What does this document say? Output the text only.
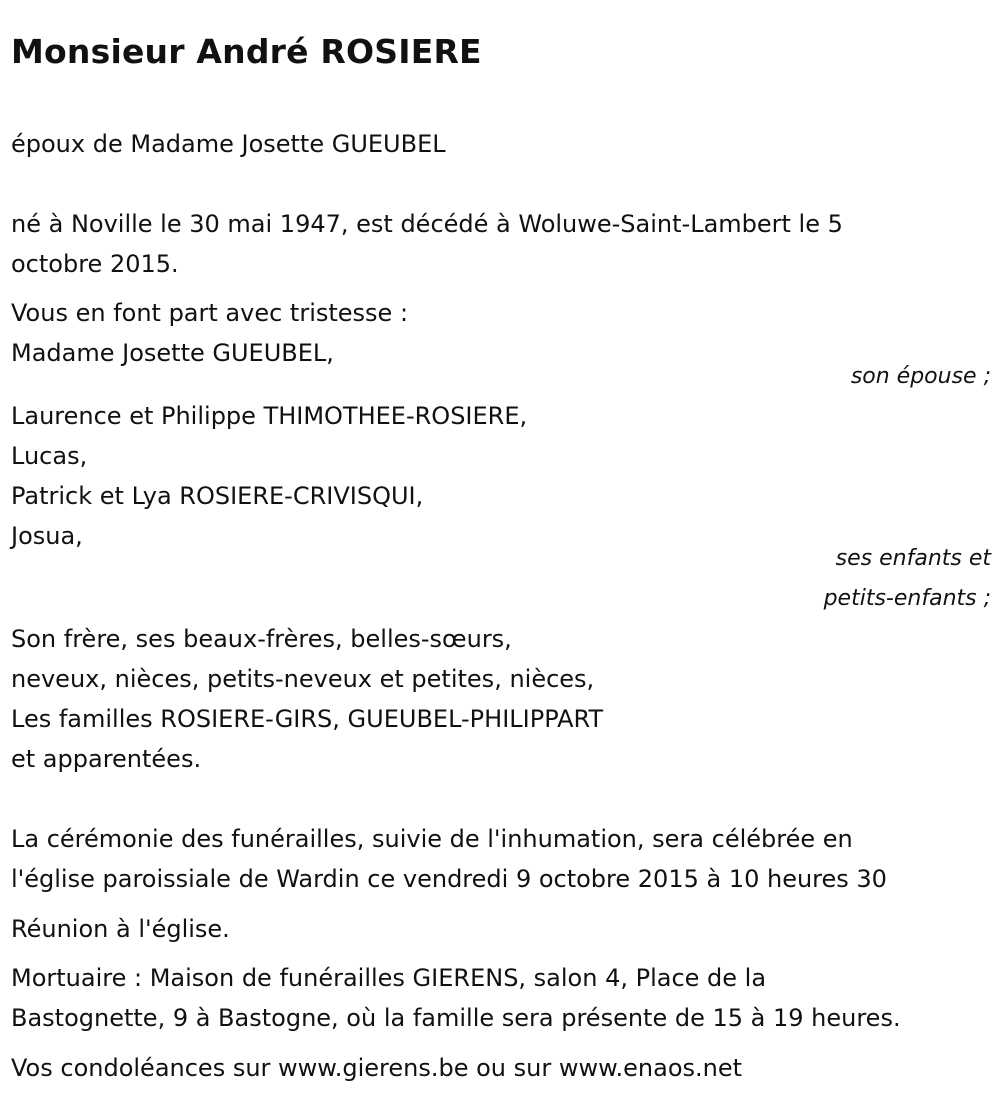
Monsieur André ROSIERE

époux de Madame Josette GUEUBEL

né à Noville le 30 mai 1947, est décédé à Woluwe-Saint-Lambert le 5

octobre 2015.

Vous en font part avec tristesse :

Madame Josette GUEUBEL,

son épouse ;

Laurence et Philippe THIMOTHEE-ROSIERE,

Lucas,

Patrick et Lya ROSIERE-CRIVISQUI,

Josua,

ses enfants et

petits-enfants ;

Son frère, ses beaux-frères, belles-sœurs,

neveux, nièces, petits-neveux et petites, nièces,

Les familles ROSIERE-GIRS, GUEUBEL-PHILIPPART

et apparentées.

La cérémonie des funérailles, suivie de l'inhumation, sera célébrée en

l'église paroissiale de Wardin ce vendredi 9 octobre 2015 à 10 heures 30

Réunion à l'église.

Mortuaire : Maison de funérailles GIERENS, salon 4, Place de la

Bastognette, 9 à Bastogne, où la famille sera présente de 15 à 19 heures.

Vos condoléances sur www.gierens.be ou sur www.enaos.net
